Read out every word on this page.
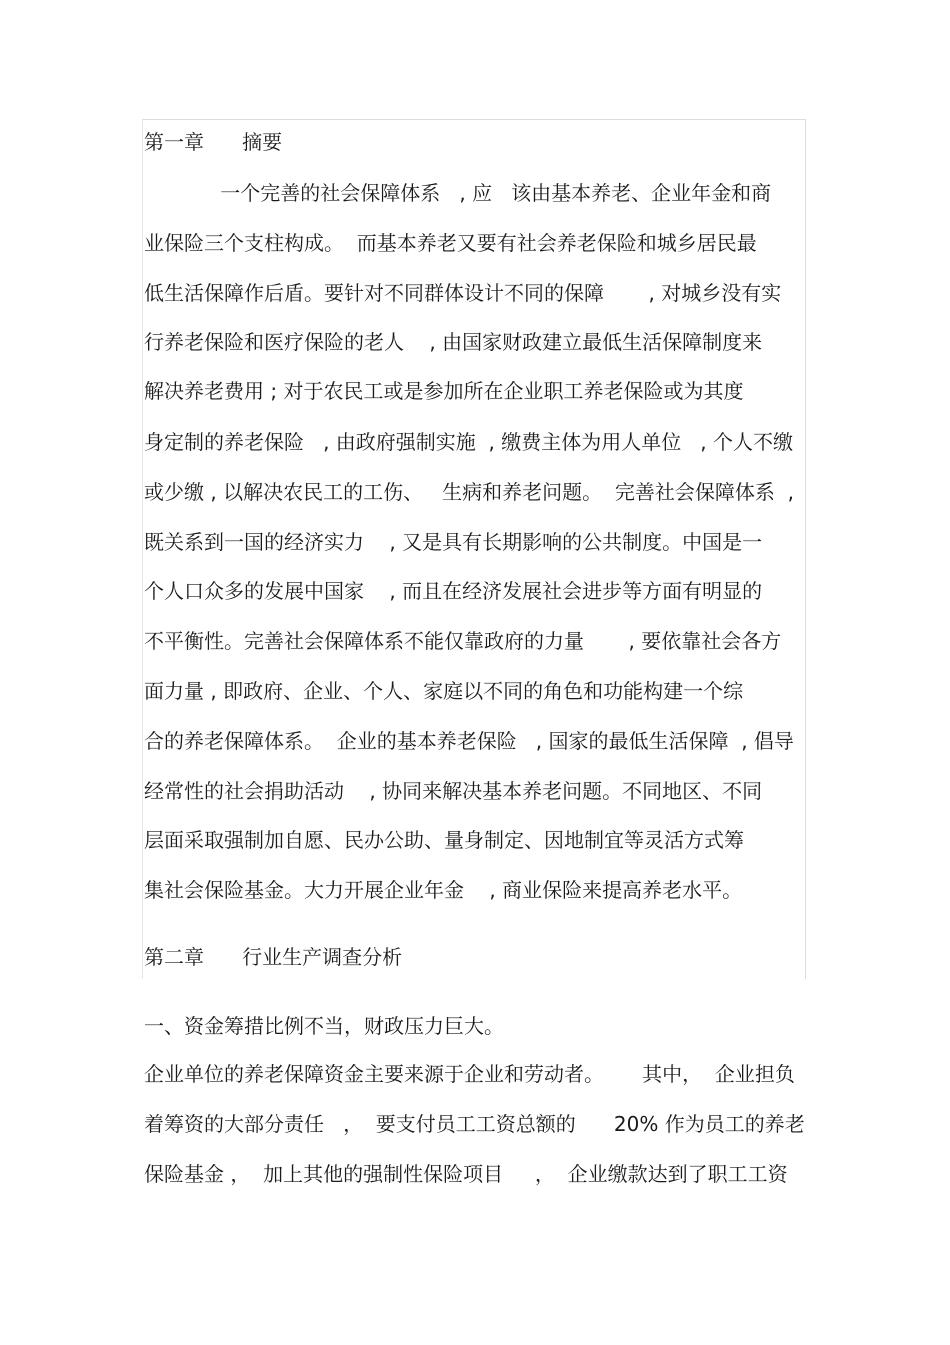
第一章      摘要
一个完善的社会保障体系   , 应   该由基本养老、企业年金和商
业保险三个支柱构成。  而基本养老又要有社会养老保险和城乡居民最
低生活保障作后盾。要针对不同群体设计不同的保障       , 对城乡没有实
行养老保险和医疗保险的老人    , 由国家财政建立最低生活保障制度来
解决养老费用 ; 对于农民工或是参加所在企业职工养老保险或为其度
身定制的养老保险   , 由政府强制实施  , 缴费主体为用人单位   , 个人不缴
或少缴 , 以解决农民工的工伤、   生病和养老问题。  完善社会保障体系  ,
既关系到一国的经济实力    , 又是具有长期影响的公共制度。中国是一
个人口众多的发展中国家    , 而且在经济发展社会进步等方面有明显的
不平衡性。完善社会保障体系不能仅靠政府的力量       , 要依靠社会各方
面力量 , 即政府、企业、个人、家庭以不同的角色和功能构建一个综
合的养老保障体系。  企业的基本养老保险   , 国家的最低生活保障  , 倡导
经常性的社会捐助活动    , 协同来解决基本养老问题。不同地区、不同
层面采取强制加自愿、民办公助、量身制定、因地制宜等灵活方式筹
集社会保险基金。大力开展企业年金    , 商业保险来提高养老水平。
第二章      行业生产调查分析
一、资金筹措比例不当，财政压力巨大。
企业单位的养老保障资金主要来源于企业和劳动者。      其中，  企业担负
着筹资的大部分责任   ，  要支付员工工资总额的      20% 作为员工的养老
保险基金 ，  加上其他的强制性保险项目     ，  企业缴款达到了职工工资
